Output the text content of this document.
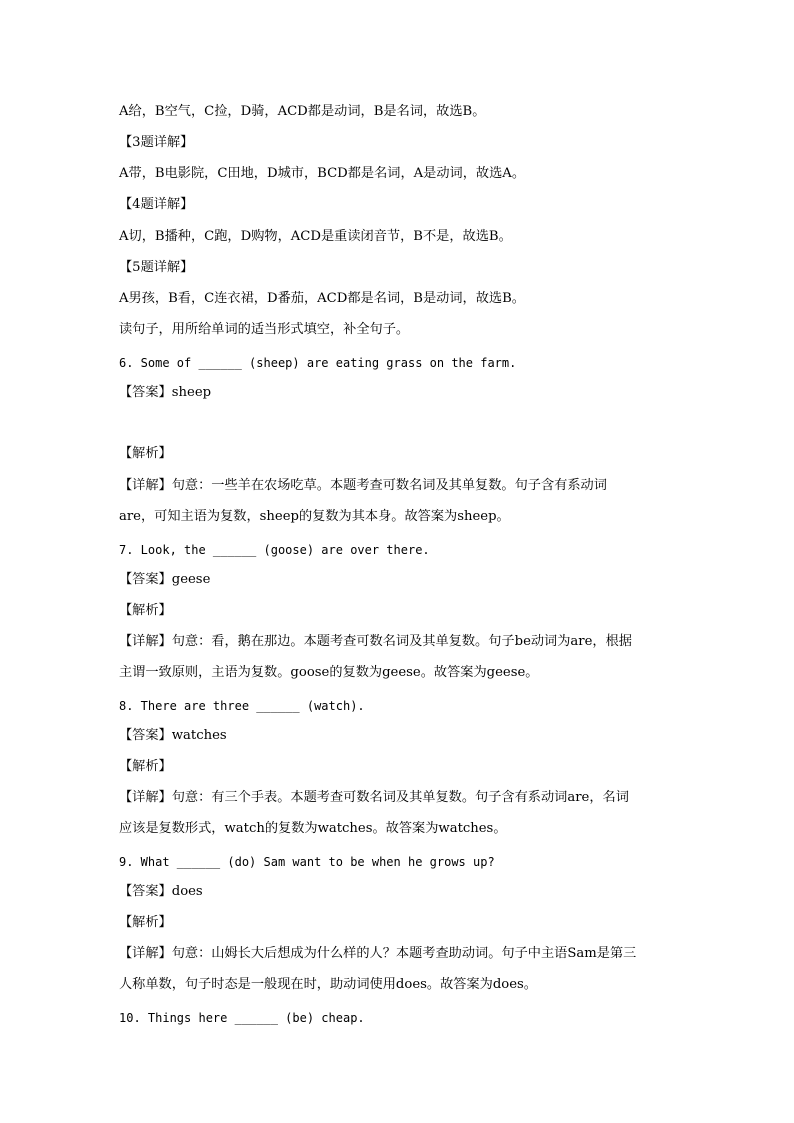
A给，B空气，C捡，D骑，ACD都是动词，B是名词，故选B。
【3题详解】
A带，B电影院，C田地，D城市，BCD都是名词，A是动词，故选A。
【4题详解】
A切，B播种，C跑，D购物，ACD是重读闭音节，B不是，故选B。
【5题详解】
A男孩，B看，C连衣裙，D番茄，ACD都是名词，B是动词，故选B。
读句子，用所给单词的适当形式填空，补全句子。
6. Some of ______ (sheep) are eating grass on the farm.
【答案】sheep
【解析】
【详解】句意：一些羊在农场吃草。本题考查可数名词及其单复数。句子含有系动词
are，可知主语为复数，sheep的复数为其本身。故答案为sheep。
7. Look, the ______ (goose) are over there.
【答案】geese
【解析】
【详解】句意：看，鹅在那边。本题考查可数名词及其单复数。句子be动词为are，根据
主谓一致原则，主语为复数。goose的复数为geese。故答案为geese。
8. There are three ______ (watch).
【答案】watches
【解析】
【详解】句意：有三个手表。本题考查可数名词及其单复数。句子含有系动词are，名词
应该是复数形式，watch的复数为watches。故答案为watches。
9. What ______ (do) Sam want to be when he grows up?
【答案】does
【解析】
【详解】句意：山姆长大后想成为什么样的人？本题考查助动词。句子中主语Sam是第三
人称单数，句子时态是一般现在时，助动词使用does。故答案为does。
10. Things here ______ (be) cheap.
